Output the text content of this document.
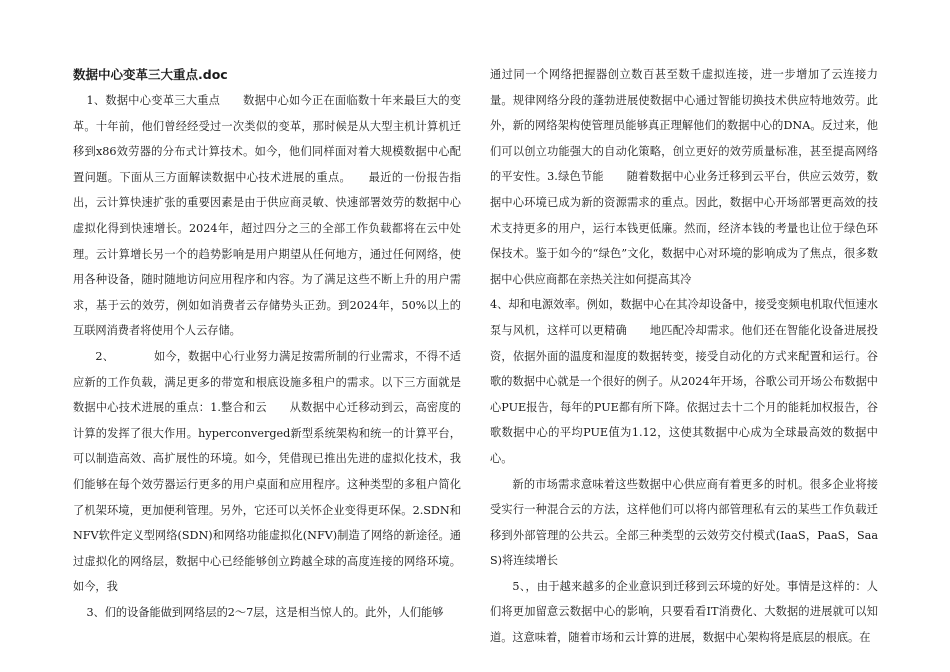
数据中心变革三大重点.doc

1、数据中心变革三大重点　　数据中心如今正在面临数十年来最巨大的变革。十年前，他们曾经经受过一次类似的变革，那时候是从大型主机计算机迁移到x86效劳器的分布式计算技术。如今，他们同样面对着大规模数据中心配置问题。下面从三方面解读数据中心技术进展的重点。　　最近的一份报告指出，云计算快速扩张的重要因素是由于供应商灵敏、快速部署效劳的数据中心虚拟化得到快速增长。2024年，超过四分之三的全部工作负载都将在云中处理。云计算增长另一个的趋势影响是用户期望从任何地方，通过任何网络，使用各种设备，随时随地访问应用程序和内容。为了满足这些不断上升的用户需求，基于云的效劳，例如如消费者云存储势头正劲。到2024年，50%以上的互联网消费者将使用个人云存储。

2、　　　　如今，数据中心行业努力满足按需所制的行业需求，不得不适应新的工作负载，满足更多的带宽和根底设施多租户的需求。以下三方面就是数据中心技术进展的重点：1.整合和云　　从数据中心迁移动到云，高密度的计算的发挥了很大作用。hyperconverged新型系统架构和统一的计算平台，可以制造高效、高扩展性的环境。如今，凭借现已推出先进的虚拟化技术，我们能够在每个效劳器运行更多的用户桌面和应用程序。这种类型的多租户简化了机架环境，更加便利管理。另外，它还可以关怀企业变得更环保。2.SDN和NFV软件定义型网络(SDN)和网络功能虚拟化(NFV)制造了网络的新途径。通过虚拟化的网络层，数据中心已经能够创立跨越全球的高度连接的网络环境。如今，我

3、们的设备能做到网络层的2～7层，这是相当惊人的。此外，人们能够

通过同一个网络把握器创立数百甚至数千虚拟连接，进一步增加了云连接力量。规律网络分段的蓬勃进展使数据中心通过智能切换技术供应特地效劳。此外，新的网络架构使管理员能够真正理解他们的数据中心的DNA。反过来，他们可以创立功能强大的自动化策略，创立更好的效劳质量标准，甚至提高网络的平安性。3.绿色节能　　随着数据中心业务迁移到云平台，供应云效劳，数据中心环境已成为新的资源需求的重点。因此，数据中心开场部署更高效的技术支持更多的用户，运行本钱更低廉。然而，经济本钱的考量也让位于绿色环保技术。鉴于如今的“绿色”文化，数据中心对环境的影响成为了焦点，很多数据中心供应商都在亲热关注如何提高其冷

4、却和电源效率。例如，数据中心在其冷却设备中，接受变频电机取代恒速水泵与风机，这样可以更精确　　地匹配冷却需求。他们还在智能化设备进展投资，依据外面的温度和湿度的数据转变，接受自动化的方式来配置和运行。谷歌的数据中心就是一个很好的例子。从2024年开场，谷歌公司开场公布数据中心PUE报告，每年的PUE都有所下降。依据过去十二个月的能耗加权报告，谷歌数据中心的平均PUE值为1.12，这使其数据中心成为全球最高效的数据中心。

新的市场需求意味着这些数据中心供应商有着更多的时机。很多企业将接受实行一种混合云的方法，这样他们可以将内部管理私有云的某些工作负载迁移到外部管理的公共云。全部三种类型的云效劳交付模式(IaaS，PaaS，SaaS)将连续增长

5、，由于越来越多的企业意识到迁移到云环境的好处。事情是这样的：人们将更加留意云数据中心的影响，只要看看IT消费化、大数据的进展就可以知道。这意味着，随着市场和云计算的进展，数据中心架构将是底层的根底。在
